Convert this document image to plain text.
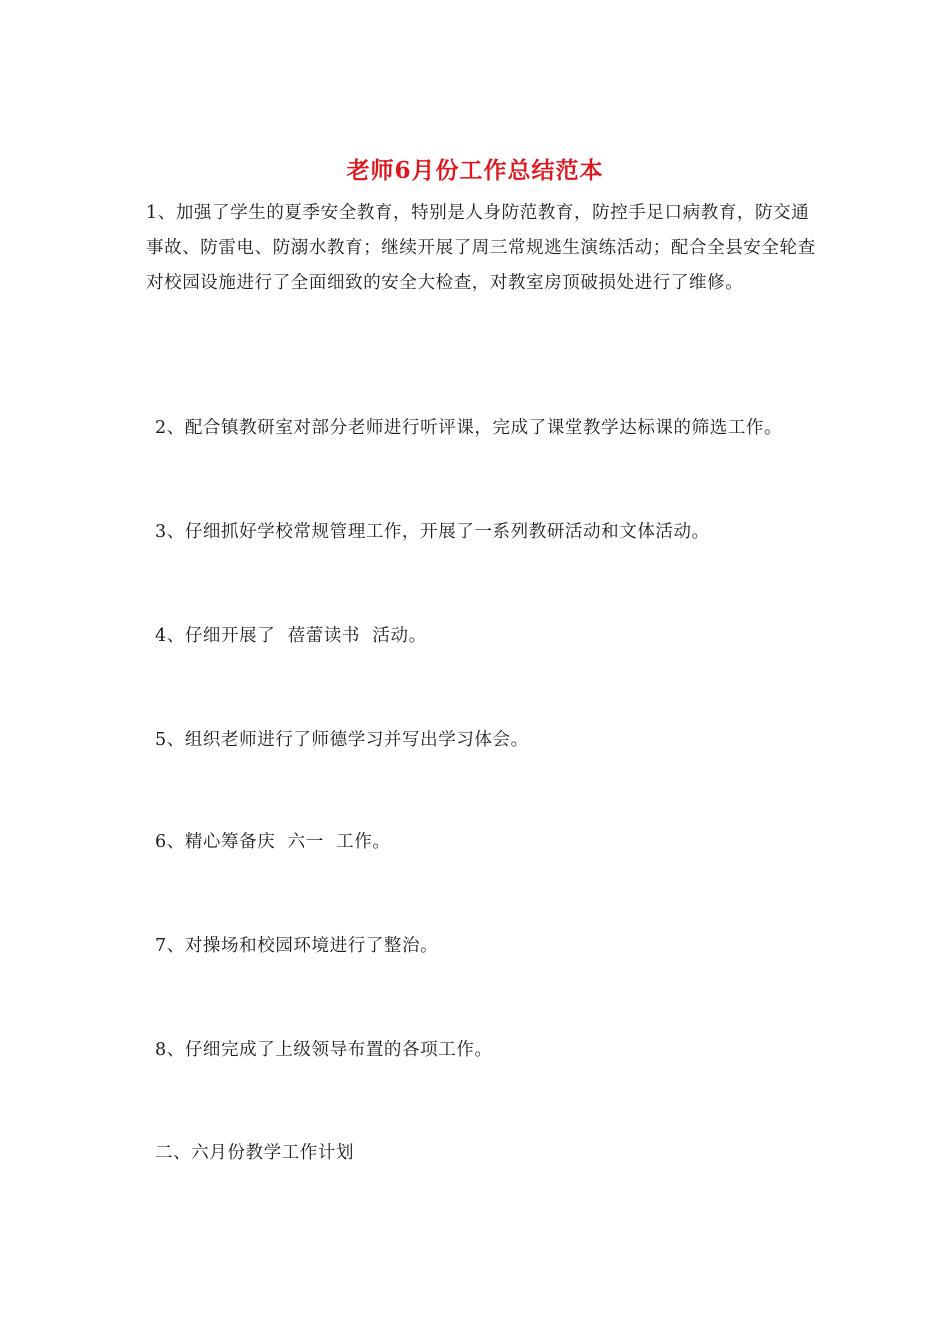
老师6月份工作总结范本

1、加强了学生的夏季安全教育，特别是人身防范教育，防控手足口病教育，防交通事故、防雷电、防溺水教育；继续开展了周三常规逃生演练活动；配合全县安全轮查对校园设施进行了全面细致的安全大检查，对教室房顶破损处进行了维修。

2、配合镇教研室对部分老师进行听评课，完成了课堂教学达标课的筛选工作。

3、仔细抓好学校常规管理工作，开展了一系列教研活动和文体活动。

4、仔细开展了  蓓蕾读书  活动。

5、组织老师进行了师德学习并写出学习体会。

6、精心筹备庆  六一  工作。

7、对操场和校园环境进行了整治。

8、仔细完成了上级领导布置的各项工作。

二、六月份教学工作计划
